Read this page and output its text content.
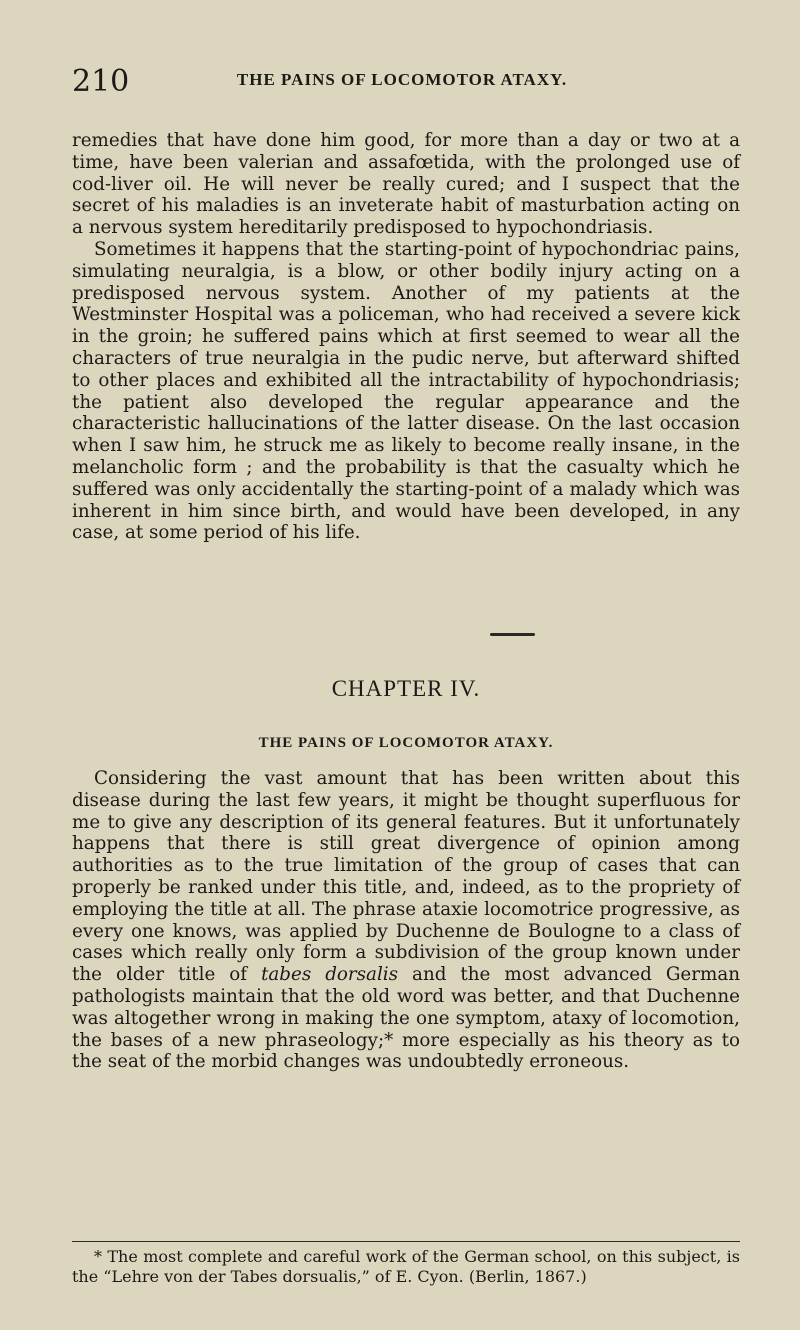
210	THE PAINS OF LOCOMOTOR ATAXY.

remedies that have done him good, for more than a day or two at a time, have been valerian and assafœtida, with the prolonged use of cod-liver oil. He will never be really cured; and I suspect that the secret of his maladies is an inveterate habit of masturbation acting on a nervous system hereditarily predisposed to hypochondriasis.

Sometimes it happens that the starting-point of hypochondriac pains, simulating neuralgia, is a blow, or other bodily injury acting on a predisposed nervous system. Another of my patients at the Westminster Hospital was a policeman, who had received a severe kick in the groin; he suffered pains which at first seemed to wear all the characters of true neuralgia in the pudic nerve, but afterward shifted to other places and exhibited all the intractability of hypochondriasis; the patient also developed the regular appearance and the characteristic hallucinations of the latter disease. On the last occasion when I saw him, he struck me as likely to become really insane, in the melancholic form ; and the probability is that the casualty which he suffered was only accidentally the starting-point of a malady which was inherent in him since birth, and would have been developed, in any case, at some period of his life.

CHAPTER IV.
THE PAINS OF LOCOMOTOR ATAXY.

Considering the vast amount that has been written about this disease during the last few years, it might be thought superfluous for me to give any description of its general features. But it unfortunately happens that there is still great divergence of opinion among authorities as to the true limitation of the group of cases that can properly be ranked under this title, and, indeed, as to the propriety of employing the title at all. The phrase ataxie locomotrice progressive, as every one knows, was applied by Duchenne de Boulogne to a class of cases which really only form a subdivision of the group known under the older title of tabes dorsalis and the most advanced German pathologists maintain that the old word was better, and that Duchenne was altogether wrong in making the one symptom, ataxy of locomotion, the bases of a new phraseology;* more especially as his theory as to the seat of the morbid changes was undoubtedly erroneous.

* The most complete and careful work of the German school, on this subject, is the “Lehre von der Tabes dorsualis,” of E. Cyon. (Berlin, 1867.)
